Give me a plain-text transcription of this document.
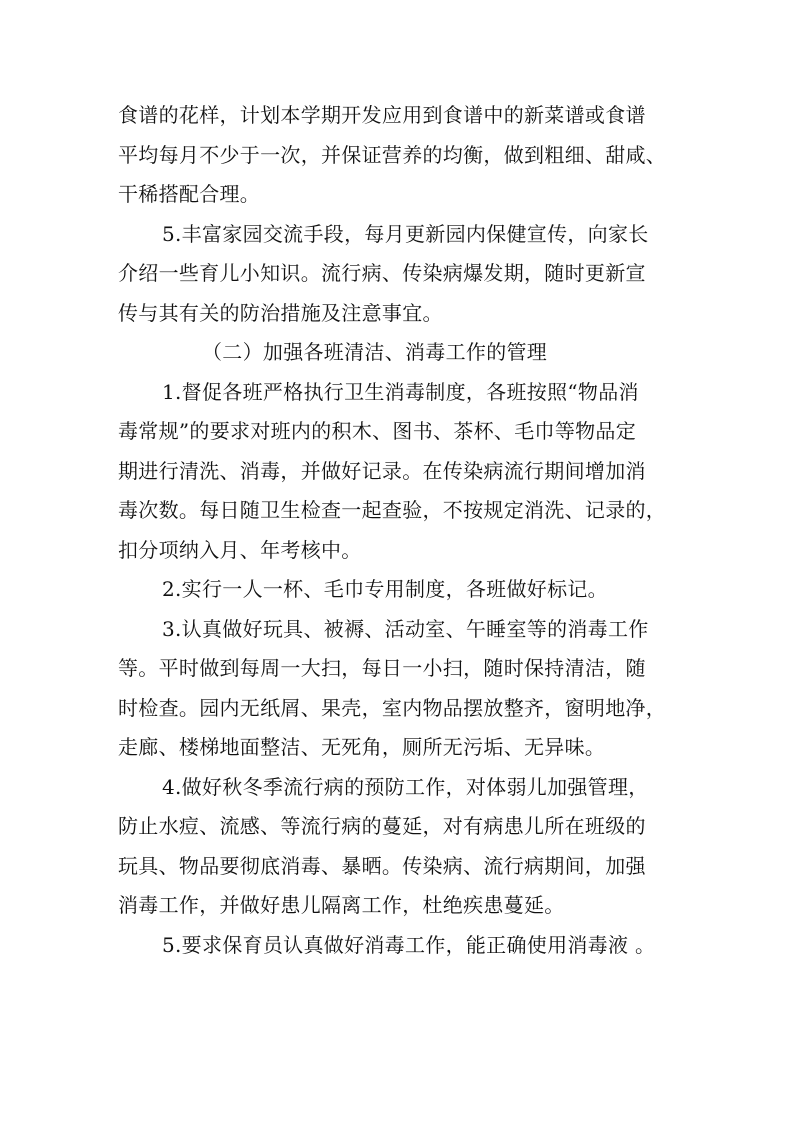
食谱的花样，计划本学期开发应用到食谱中的新菜谱或食谱
平均每月不少于一次，并保证营养的均衡，做到粗细、甜咸、
干稀搭配合理。
5.丰富家园交流手段，每月更新园内保健宣传，向家长
介绍一些育儿小知识。流行病、传染病爆发期，随时更新宣
传与其有关的防治措施及注意事宜。
（二）加强各班清洁、消毒工作的管理
1.督促各班严格执行卫生消毒制度，各班按照“物品消
毒常规”的要求对班内的积木、图书、茶杯、毛巾等物品定
期进行清洗、消毒，并做好记录。在传染病流行期间增加消
毒次数。每日随卫生检查一起查验，不按规定消洗、记录的，
扣分项纳入月、年考核中。
2.实行一人一杯、毛巾专用制度，各班做好标记。
3.认真做好玩具、被褥、活动室、午睡室等的消毒工作
等。平时做到每周一大扫，每日一小扫，随时保持清洁，随
时检查。园内无纸屑、果壳，室内物品摆放整齐，窗明地净，
走廊、楼梯地面整洁、无死角，厕所无污垢、无异味。
4.做好秋冬季流行病的预防工作，对体弱儿加强管理，
防止水痘、流感、等流行病的蔓延，对有病患儿所在班级的
玩具、物品要彻底消毒、暴晒。传染病、流行病期间，加强
消毒工作，并做好患儿隔离工作，杜绝疾患蔓延。
5.要求保育员认真做好消毒工作，能正确使用消毒液 。
